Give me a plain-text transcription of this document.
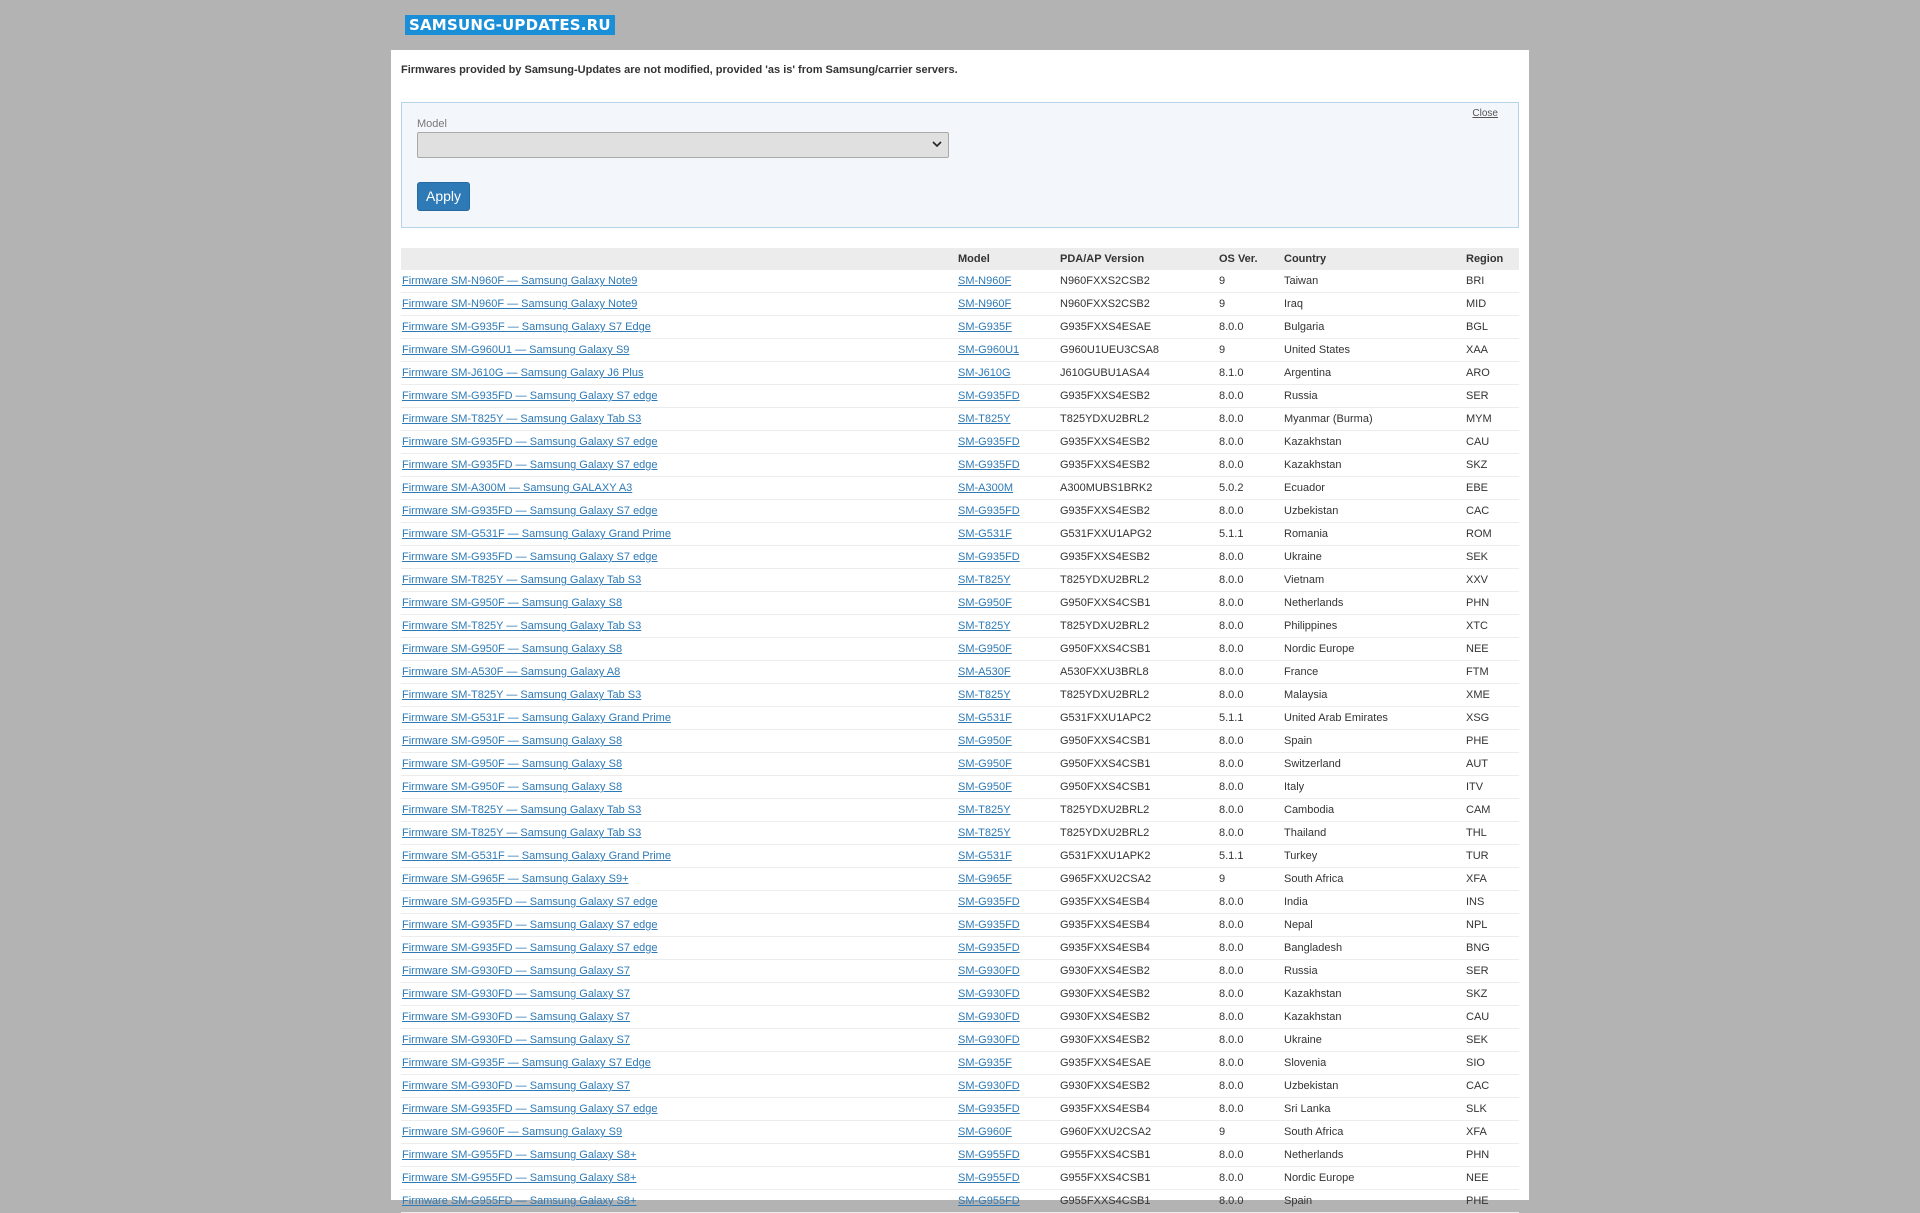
SAMSUNG-UPDATES.RU

Firmwares provided by Samsung-Updates are not modified, provided 'as is' from Samsung/carrier servers.

Close
Model
Apply
	Model	PDA/AP Version	OS Ver.	Country	Region
Firmware SM-N960F — Samsung Galaxy Note9	SM-N960F	N960FXXS2CSB2	9	Taiwan	BRI
Firmware SM-N960F — Samsung Galaxy Note9	SM-N960F	N960FXXS2CSB2	9	Iraq	MID
Firmware SM-G935F — Samsung Galaxy S7 Edge	SM-G935F	G935FXXS4ESAE	8.0.0	Bulgaria	BGL
Firmware SM-G960U1 — Samsung Galaxy S9	SM-G960U1	G960U1UEU3CSA8	9	United States	XAA
Firmware SM-J610G — Samsung Galaxy J6 Plus	SM-J610G	J610GUBU1ASA4	8.1.0	Argentina	ARO
Firmware SM-G935FD — Samsung Galaxy S7 edge	SM-G935FD	G935FXXS4ESB2	8.0.0	Russia	SER
Firmware SM-T825Y — Samsung Galaxy Tab S3	SM-T825Y	T825YDXU2BRL2	8.0.0	Myanmar (Burma)	MYM
Firmware SM-G935FD — Samsung Galaxy S7 edge	SM-G935FD	G935FXXS4ESB2	8.0.0	Kazakhstan	CAU
Firmware SM-G935FD — Samsung Galaxy S7 edge	SM-G935FD	G935FXXS4ESB2	8.0.0	Kazakhstan	SKZ
Firmware SM-A300M — Samsung GALAXY A3	SM-A300M	A300MUBS1BRK2	5.0.2	Ecuador	EBE
Firmware SM-G935FD — Samsung Galaxy S7 edge	SM-G935FD	G935FXXS4ESB2	8.0.0	Uzbekistan	CAC
Firmware SM-G531F — Samsung Galaxy Grand Prime	SM-G531F	G531FXXU1APG2	5.1.1	Romania	ROM
Firmware SM-G935FD — Samsung Galaxy S7 edge	SM-G935FD	G935FXXS4ESB2	8.0.0	Ukraine	SEK
Firmware SM-T825Y — Samsung Galaxy Tab S3	SM-T825Y	T825YDXU2BRL2	8.0.0	Vietnam	XXV
Firmware SM-G950F — Samsung Galaxy S8	SM-G950F	G950FXXS4CSB1	8.0.0	Netherlands	PHN
Firmware SM-T825Y — Samsung Galaxy Tab S3	SM-T825Y	T825YDXU2BRL2	8.0.0	Philippines	XTC
Firmware SM-G950F — Samsung Galaxy S8	SM-G950F	G950FXXS4CSB1	8.0.0	Nordic Europe	NEE
Firmware SM-A530F — Samsung Galaxy A8	SM-A530F	A530FXXU3BRL8	8.0.0	France	FTM
Firmware SM-T825Y — Samsung Galaxy Tab S3	SM-T825Y	T825YDXU2BRL2	8.0.0	Malaysia	XME
Firmware SM-G531F — Samsung Galaxy Grand Prime	SM-G531F	G531FXXU1APC2	5.1.1	United Arab Emirates	XSG
Firmware SM-G950F — Samsung Galaxy S8	SM-G950F	G950FXXS4CSB1	8.0.0	Spain	PHE
Firmware SM-G950F — Samsung Galaxy S8	SM-G950F	G950FXXS4CSB1	8.0.0	Switzerland	AUT
Firmware SM-G950F — Samsung Galaxy S8	SM-G950F	G950FXXS4CSB1	8.0.0	Italy	ITV
Firmware SM-T825Y — Samsung Galaxy Tab S3	SM-T825Y	T825YDXU2BRL2	8.0.0	Cambodia	CAM
Firmware SM-T825Y — Samsung Galaxy Tab S3	SM-T825Y	T825YDXU2BRL2	8.0.0	Thailand	THL
Firmware SM-G531F — Samsung Galaxy Grand Prime	SM-G531F	G531FXXU1APK2	5.1.1	Turkey	TUR
Firmware SM-G965F — Samsung Galaxy S9+	SM-G965F	G965FXXU2CSA2	9	South Africa	XFA
Firmware SM-G935FD — Samsung Galaxy S7 edge	SM-G935FD	G935FXXS4ESB4	8.0.0	India	INS
Firmware SM-G935FD — Samsung Galaxy S7 edge	SM-G935FD	G935FXXS4ESB4	8.0.0	Nepal	NPL
Firmware SM-G935FD — Samsung Galaxy S7 edge	SM-G935FD	G935FXXS4ESB4	8.0.0	Bangladesh	BNG
Firmware SM-G930FD — Samsung Galaxy S7	SM-G930FD	G930FXXS4ESB2	8.0.0	Russia	SER
Firmware SM-G930FD — Samsung Galaxy S7	SM-G930FD	G930FXXS4ESB2	8.0.0	Kazakhstan	SKZ
Firmware SM-G930FD — Samsung Galaxy S7	SM-G930FD	G930FXXS4ESB2	8.0.0	Kazakhstan	CAU
Firmware SM-G930FD — Samsung Galaxy S7	SM-G930FD	G930FXXS4ESB2	8.0.0	Ukraine	SEK
Firmware SM-G935F — Samsung Galaxy S7 Edge	SM-G935F	G935FXXS4ESAE	8.0.0	Slovenia	SIO
Firmware SM-G930FD — Samsung Galaxy S7	SM-G930FD	G930FXXS4ESB2	8.0.0	Uzbekistan	CAC
Firmware SM-G935FD — Samsung Galaxy S7 edge	SM-G935FD	G935FXXS4ESB4	8.0.0	Sri Lanka	SLK
Firmware SM-G960F — Samsung Galaxy S9	SM-G960F	G960FXXU2CSA2	9	South Africa	XFA
Firmware SM-G955FD — Samsung Galaxy S8+	SM-G955FD	G955FXXS4CSB1	8.0.0	Netherlands	PHN
Firmware SM-G955FD — Samsung Galaxy S8+	SM-G955FD	G955FXXS4CSB1	8.0.0	Nordic Europe	NEE
Firmware SM-G955FD — Samsung Galaxy S8+	SM-G955FD	G955FXXS4CSB1	8.0.0	Spain	PHE
